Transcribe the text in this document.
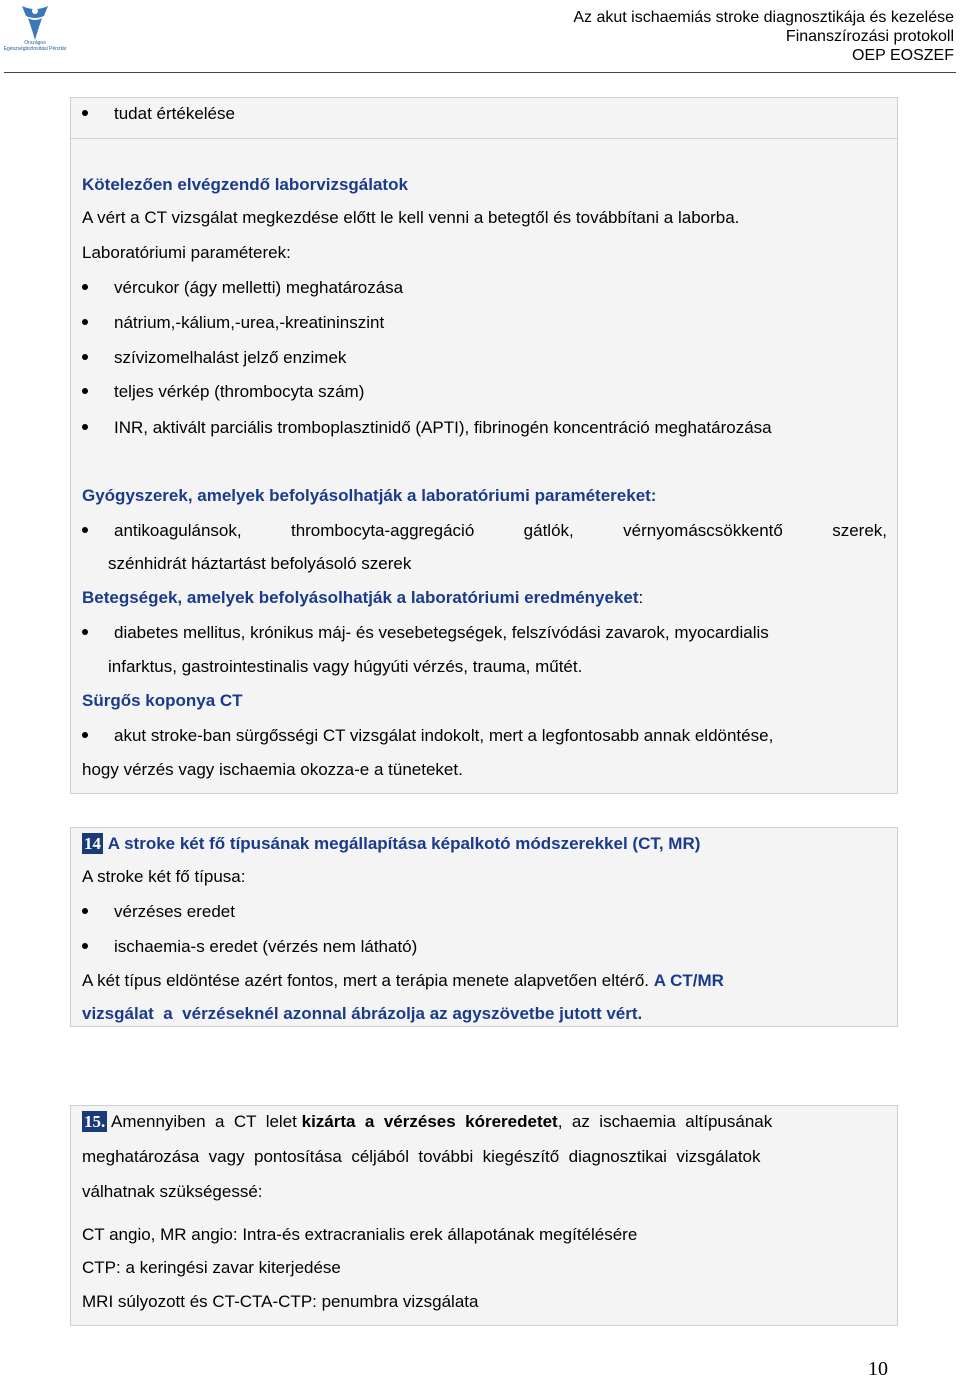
Országos Egészségbiztosítási Pénztár
Az akut ischaemiás stroke diagnosztikája és kezelése
Finanszírozási protokoll
OEP EOSZEF

tudat értékelése
Kötelezően elvégzendő laborvizsgálatok
A vért a CT vizsgálat megkezdése előtt le kell venni a betegtől és továbbítani a laborba.
Laboratóriumi paraméterek:
vércukor (ágy melletti) meghatározása
nátrium,-kálium,-urea,-kreatininszint
szívizomelhalást jelző enzimek
teljes vérkép (thrombocyta szám)
INR, aktivált parciális tromboplasztinidő (APTI), fibrinogén koncentráció meghatározása
Gyógyszerek, amelyek befolyásolhatják a laboratóriumi paramétereket:
antikoagulánsok,	thrombocyta-aggregáció	gátlók,	vérnyomáscsökkentő	szerek,
szénhidrát háztartást befolyásoló szerek
Betegségek, amelyek befolyásolhatják a laboratóriumi eredményeket:
diabetes mellitus, krónikus máj- és vesebetegségek, felszívódási zavarok, myocardialis
infarktus, gastrointestinalis vagy húgyúti vérzés, trauma, műtét.
Sürgős koponya CT
akut stroke-ban sürgősségi CT vizsgálat indokolt, mert a legfontosabb annak eldöntése,
hogy vérzés vagy ischaemia okozza-e a tüneteket.
14 A stroke két fő típusának megállapítása képalkotó módszerekkel (CT, MR)
A stroke két fő típusa:
vérzéses eredet
ischaemia-s eredet (vérzés nem látható)
A két típus eldöntése azért fontos, mert a terápia menete alapvetően eltérő. A CT/MR
vizsgálat  a  vérzéseknél azonnal ábrázolja az agyszövetbe jutott vért.
15. Amennyiben  a  CT  lelet kizárta  a  vérzéses  kóreredetet,  az  ischaemia  altípusának
meghatározása  vagy  pontosítása  céljából  további  kiegészítő  diagnosztikai  vizsgálatok
válhatnak szükségessé:
CT angio, MR angio: Intra-és extracranialis erek állapotának megítélésére
CTP: a keringési zavar kiterjedése
MRI súlyozott és CT-CTA-CTP: penumbra vizsgálata
10
